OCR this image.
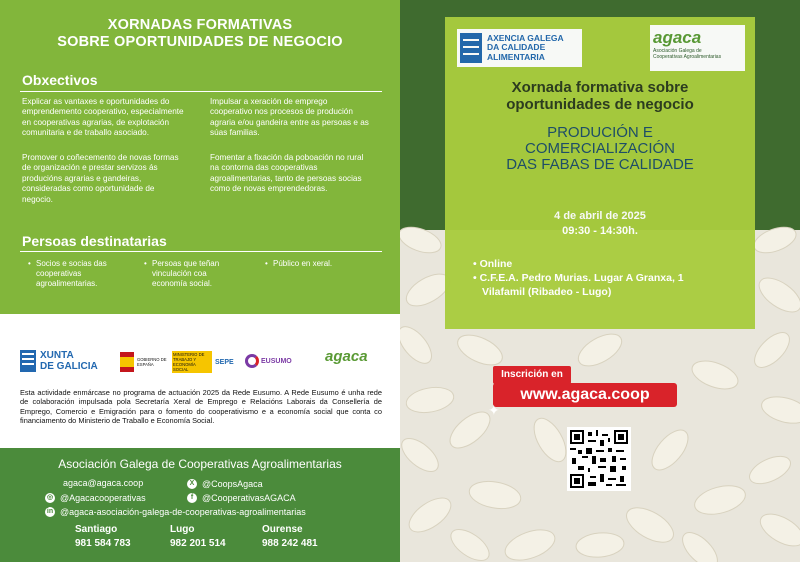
XORNADAS FORMATIVAS
SOBRE OPORTUNIDADES DE NEGOCIO
Obxectivos
Explicar as vantaxes e oportunidades do emprendemento cooperativo, especialmente en cooperativas agrarias, de explotación comunitaria e de traballo asociado.
Impulsar a xeración de emprego cooperativo nos procesos de produción agraria e/ou gandeira entre as persoas e as súas familias.
Promover o coñecemento de novas formas de organización e prestar servizos ás producións agrarias e gandeiras, consideradas como oportunidade de negocio.
Fomentar a fixación da poboación no rural na contorna das cooperativas agroalimentarias, tanto de persoas socias como de novas emprendedoras.
Persoas destinatarias
• Socios e socias das cooperativas agroalimentarias.
• Persoas que teñan vinculación coa economía social.
• Público en xeral.
XUNTA
DE GALICIA
GOBIERNO DE ESPAÑA
MINISTERIO DE TRABAJO Y ECONOMÍA SOCIAL
SEPE	EUSUMO agaca
Esta actividade enmárcase no programa de actuación 2025 da Rede Eusumo. A Rede Eusumo é unha rede de colaboración impulsada pola Secretaría Xeral de Emprego e Relacións Laborais da Consellería de Emprego, Comercio e Emigración para o fomento do cooperativismo e a economía social que conta co financiamento do Ministerio de Traballo e Economía Social.
Asociación Galega de Cooperativas Agroalimentarias
agaca@agaca.coop	X @CoopsAgaca
◎ @Agacacooperativas	f @CooperativasAGACA
in @agaca-asociación-galega-de-cooperativas-agroalimentarias
Santiago
981 584 783
Lugo
982 201 514
Ourense
988 242 481
AXENCIA GALEGA
DA CALIDADE
ALIMENTARIA
agaca
Asociación Galega de
Cooperativas Agroalimentarias
Xornada formativa sobre
oportunidades de negocio
PRODUCIÓN E
COMERCIALIZACIÓN
DAS FABAS DE CALIDADE
4 de abril de 2025
09:30 - 14:30h.
• Online
• C.F.E.A. Pedro Murias. Lugar A Granxa, 1
Vilafamil (Ribadeo - Lugo)
Inscrición en
www.agaca.coop
✦
